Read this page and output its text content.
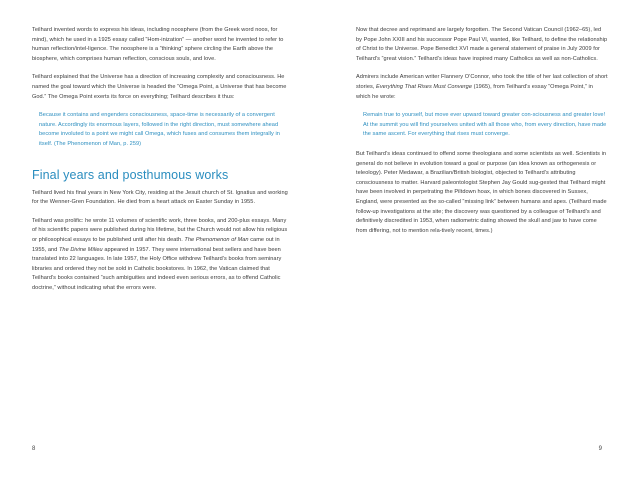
Teilhard invented words to express his ideas, including noosphere (from the Greek word noos, for mind), which he used in a 1925 essay called “Hom-inization” — another word he invented to refer to human reflection/intel-ligence. The noosphere is a “thinking” sphere circling the Earth above the biosphere, which comprises human reflection, conscious souls, and love.

Teilhard explained that the Universe has a direction of increasing complexity and consciousness. He named the goal toward which the Universe is headed the “Omega Point, a Universe that has become God.” The Omega Point exerts its force on everything; Teilhard describes it thus:

Because it contains and engenders consciousness, space-time is necessarily of a convergent nature. Accordingly its enormous layers, followed in the right direction, must somewhere ahead become involuted to a point we might call Omega, which fuses and consumes them integrally in itself. (The Phenomenon of Man, p. 259)

Final years and posthumous works

Teilhard lived his final years in New York City, residing at the Jesuit church of St. Ignatius and working for the Wenner-Gren Foundation. He died from a heart attack on Easter Sunday in 1955.

Teilhard was prolific: he wrote 11 volumes of scientific work, three books, and 200-plus essays. Many of his scientific papers were published during his lifetime, but the Church would not allow his religious or philosophical essays to be published until after his death. The Phenomenon of Man came out in 1955, and The Divine Milieu appeared in 1957. They were international best sellers and have been translated into 22 languages. In late 1957, the Holy Office withdrew Teilhard’s books from seminary libraries and ordered they not be sold in Catholic bookstores. In 1962, the Vatican claimed that Teilhard’s books contained “such ambiguities and indeed even serious errors, as to offend Catholic doctrine,” without indicating what the errors were.

8

Now that decree and reprimand are largely forgotten. The Second Vatican Council (1962–65), led by Pope John XXIII and his successor Pope Paul VI, wanted, like Teilhard, to define the relationship of Christ to the Universe. Pope Benedict XVI made a general statement of praise in July 2009 for Teilhard’s “great vision.” Teilhard’s ideas have inspired many Catholics as well as non-Catholics.

Admirers include American writer Flannery O’Connor, who took the title of her last collection of short stories, Everything That Rises Must Converge (1965), from Teilhard’s essay “Omega Point,” in which he wrote:

Remain true to yourself, but move ever upward toward greater con-sciousness and greater love! At the summit you will find yourselves united with all those who, from every direction, have made the same ascent. For everything that rises must converge.

But Teilhard’s ideas continued to offend some theologians and some scientists as well. Scientists in general do not believe in evolution toward a goal or purpose (an idea known as orthogenesis or teleology). Peter Medawar, a Brazilian/British biologist, objected to Teilhard’s attributing consciousness to matter. Harvard paleontologist Stephen Jay Gould sug-gested that Teilhard might have been involved in perpetrating the Piltdown hoax, in which bones discovered in Sussex, England, were presented as the so-called “missing link” between humans and apes. (Teilhard made follow-up investigations at the site; the discovery was questioned by a colleague of Teilhard’s and definitively discredited in 1953, when radiometric dating showed the skull and jaw to have come from differing, not to mention rela-tively recent, times.)

9
